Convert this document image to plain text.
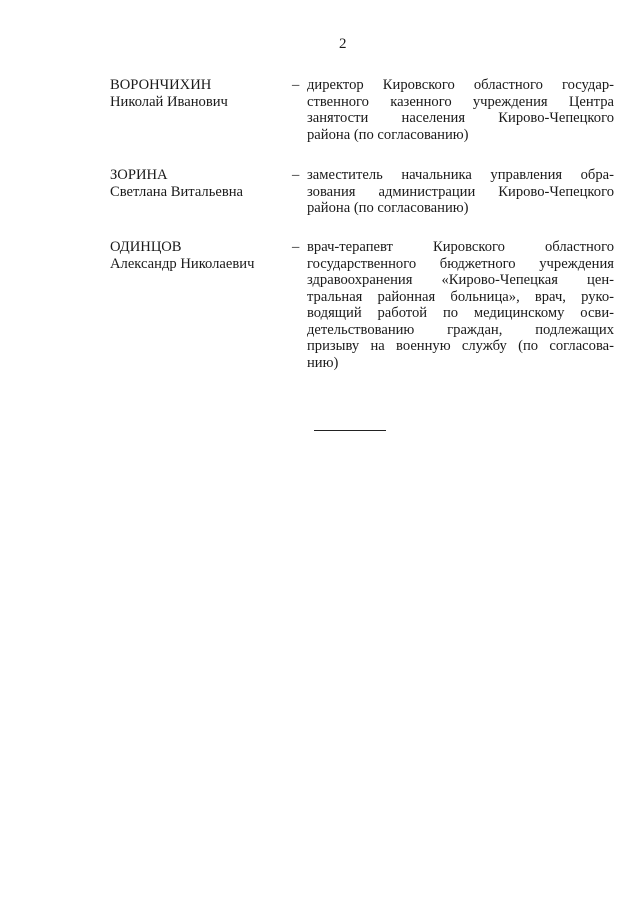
2
ВОРОНЧИХИН
Николай Иванович
– директор Кировского областного государ-
ственного казенного учреждения Центра
занятости населения Кирово-Чепецкого
района (по согласованию)
ЗОРИНА
Светлана Витальевна
– заместитель начальника управления обра-
зования администрации Кирово-Чепецкого
района (по согласованию)
ОДИНЦОВ
Александр Николаевич
– врач-терапевт Кировского областного
государственного бюджетного учреждения
здравоохранения «Кирово-Чепецкая цен-
тральная районная больница», врач, руко-
водящий работой по медицинскому осви-
детельствованию граждан, подлежащих
призыву на военную службу (по согласова-
нию)
